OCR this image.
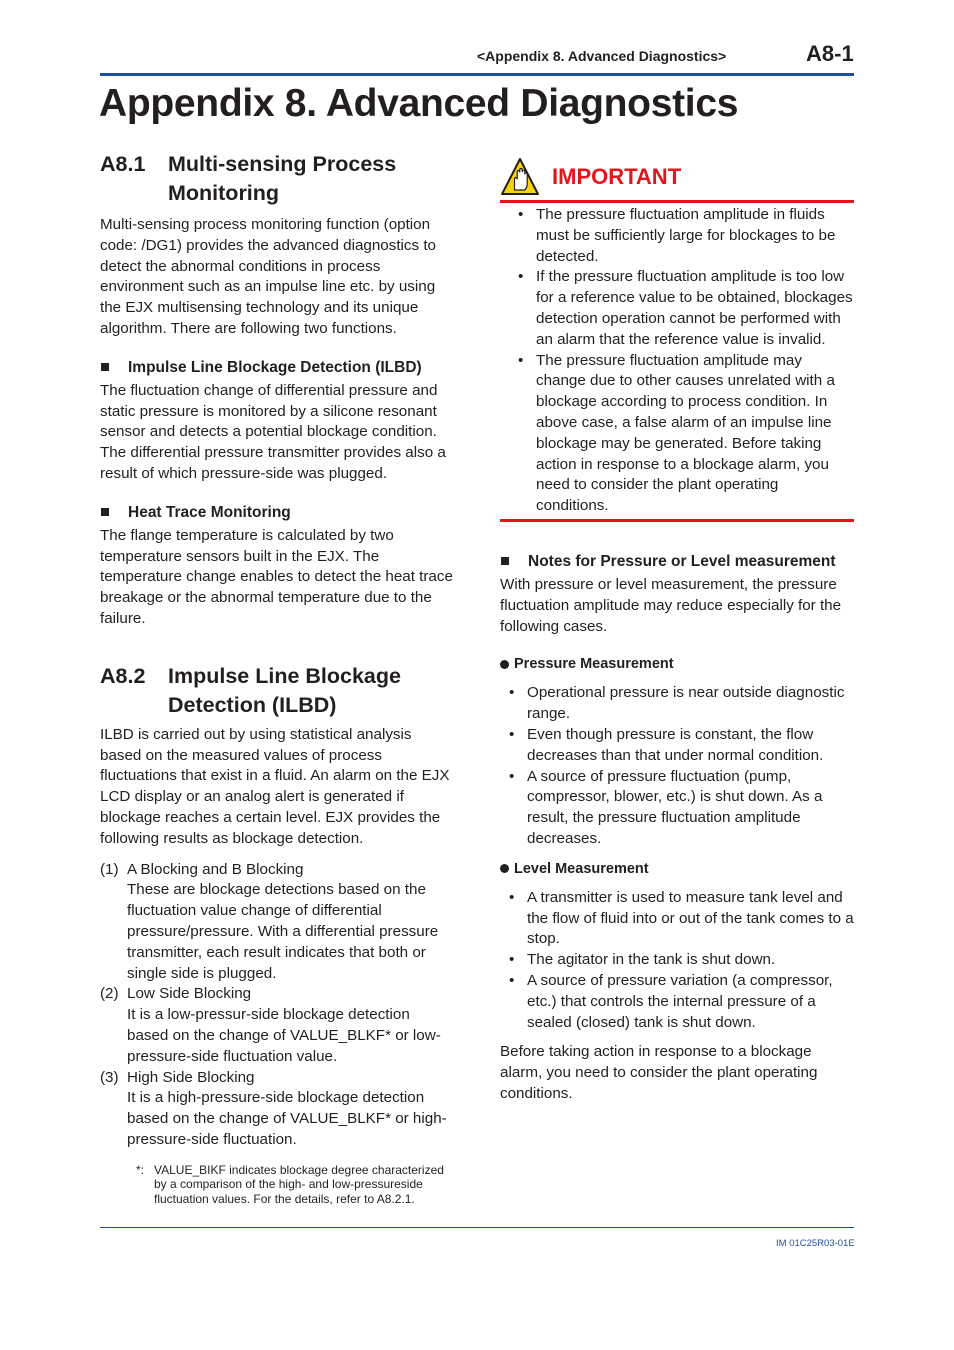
<Appendix 8. Advanced Diagnostics>	A8-1
Appendix 8. Advanced Diagnostics
A8.1	Multi-sensing Process Monitoring

Multi-sensing process monitoring function (option code: /DG1) provides the advanced diagnostics to detect the abnormal conditions in process environment such as an impulse line etc. by using the EJX multisensing technology and its unique algorithm. There are following two functions.

Impulse Line Blockage Detection (ILBD)

The fluctuation change of differential pressure and static pressure is monitored by a silicone resonant sensor and detects a potential blockage condition. The differential pressure transmitter provides also a result of which pressure-side was plugged.

Heat Trace Monitoring

The flange temperature is calculated by two temperature sensors built in the EJX. The temperature change enables to detect the heat trace breakage or the abnormal temperature due to the failure.

A8.2	Impulse Line Blockage Detection (ILBD)

ILBD is carried out by using statistical analysis based on the measured values of process fluctuations that exist in a fluid. An alarm on the EJX LCD display or an analog alert is generated if blockage reaches a certain level. EJX provides the following results as blockage detection.

(1) A Blocking and B Blocking
These are blockage detections based on the fluctuation value change of differential pressure/pressure. With a differential pressure transmitter, each result indicates that both or single side is plugged.
(2) Low Side Blocking
It is a low-pressur-side blockage detection based on the change of VALUE_BLKF* or low-pressure-side fluctuation value.
(3) High Side Blocking
It is a high-pressure-side blockage detection based on the change of VALUE_BLKF* or high-pressure-side fluctuation.
*: VALUE_BIKF indicates blockage degree characterized by a comparison of the high- and low-pressureside fluctuation values. For the details, refer to A8.2.1.
IMPORTANT
• The pressure fluctuation amplitude in fluids must be sufficiently large for blockages to be detected.
• If the pressure fluctuation amplitude is too low for a reference value to be obtained, blockages detection operation cannot be performed with an alarm that the reference value is invalid.
• The pressure fluctuation amplitude may change due to other causes unrelated with a blockage according to process condition. In above case, a false alarm of an impulse line blockage may be generated. Before taking action in response to a blockage alarm, you need to consider the plant operating conditions.
Notes for Pressure or Level measurement

With pressure or level measurement, the pressure fluctuation amplitude may reduce especially for the following cases.

Pressure Measurement
• Operational pressure is near outside diagnostic range.
• Even though pressure is constant, the flow decreases than that under normal condition.
• A source of pressure fluctuation (pump, compressor, blower, etc.) is shut down. As a result, the pressure fluctuation amplitude decreases.
Level Measurement
• A transmitter is used to measure tank level and the flow of fluid into or out of the tank comes to a stop.
• The agitator in the tank is shut down.
• A source of pressure variation (a compressor, etc.) that controls the internal pressure of a sealed (closed) tank is shut down.

Before taking action in response to a blockage alarm, you need to consider the plant operating conditions.

IM 01C25R03-01E
